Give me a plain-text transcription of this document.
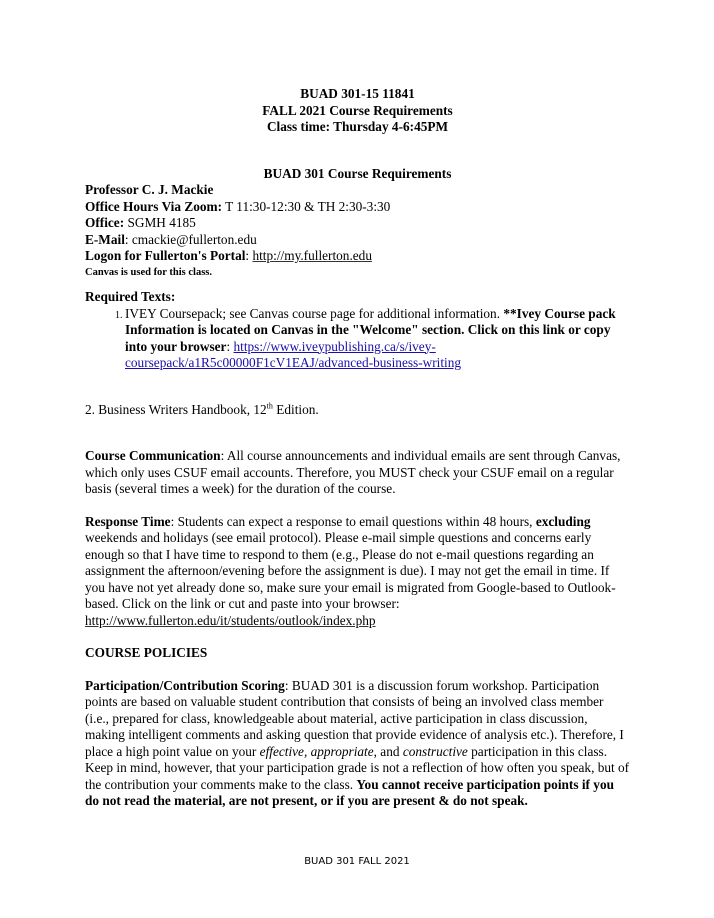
BUAD 301-15 11841
FALL 2021 Course Requirements
Class time: Thursday 4-6:45PM
BUAD 301 Course Requirements
Professor C. J. Mackie
Office Hours Via Zoom: T 11:30-12:30 & TH 2:30-3:30
Office: SGMH 4185
E-Mail: cmackie@fullerton.edu
Logon for Fullerton's Portal: http://my.fullerton.edu
Canvas is used for this class.
Required Texts:
1. IVEY Coursepack; see Canvas course page for additional information. **Ivey Course pack Information is located on Canvas in the "Welcome" section. Click on this link or copy into your browser: https://www.iveypublishing.ca/s/ivey-coursepack/a1R5c00000F1cV1EAJ/advanced-business-writing
2. Business Writers Handbook, 12th Edition.

Course Communication: All course announcements and individual emails are sent through Canvas, which only uses CSUF email accounts. Therefore, you MUST check your CSUF email on a regular basis (several times a week) for the duration of the course.

Response Time: Students can expect a response to email questions within 48 hours, excluding weekends and holidays (see email protocol). Please e-mail simple questions and concerns early enough so that I have time to respond to them (e.g., Please do not e-mail questions regarding an assignment the afternoon/evening before the assignment is due). I may not get the email in time. If you have not yet already done so, make sure your email is migrated from Google-based to Outlook-based. Click on the link or cut and paste into your browser: http://www.fullerton.edu/it/students/outlook/index.php

COURSE POLICIES

Participation/Contribution Scoring: BUAD 301 is a discussion forum workshop. Participation points are based on valuable student contribution that consists of being an involved class member (i.e., prepared for class, knowledgeable about material, active participation in class discussion, making intelligent comments and asking question that provide evidence of analysis etc.). Therefore, I place a high point value on your effective, appropriate, and constructive participation in this class. Keep in mind, however, that your participation grade is not a reflection of how often you speak, but of the contribution your comments make to the class. You cannot receive participation points if you do not read the material, are not present, or if you are present & do not speak.

BUAD 301 FALL 2021
